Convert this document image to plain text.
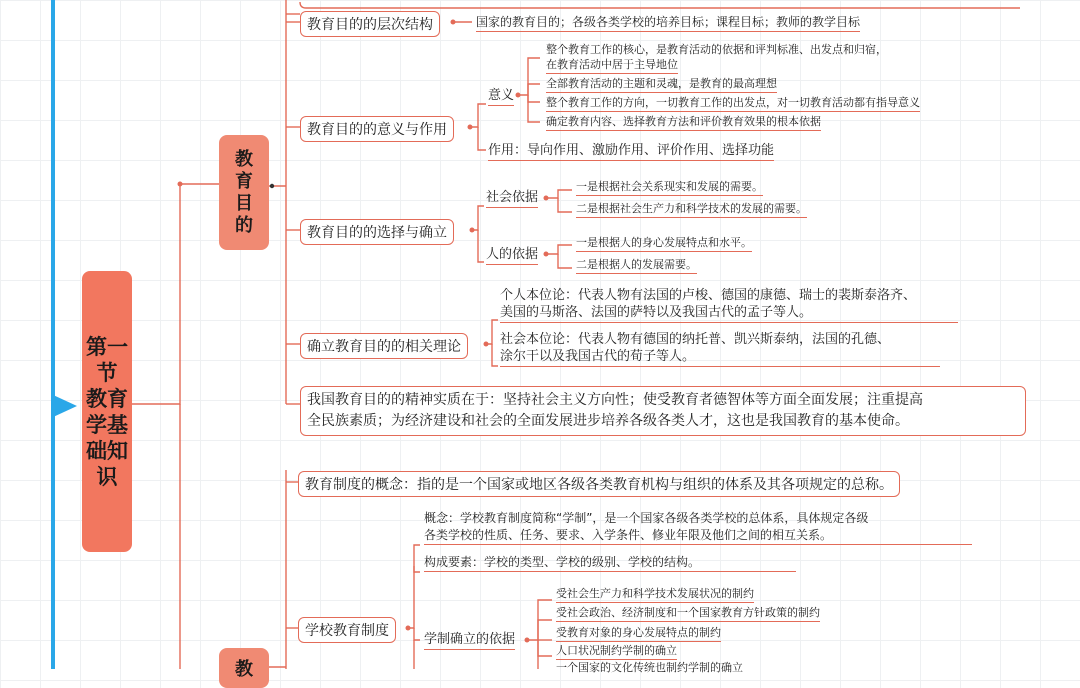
第一节 教育学基础知识
教育目的
教
教育目的的层次结构	国家的教育目的；各级各类学校的培养目标；课程目标；教师的教学目标
教育目的的意义与作用
意义
整个教育工作的核心，是教育活动的依据和评判标准、出发点和归宿，
在教育活动中居于主导地位
全部教育活动的主题和灵魂，是教育的最高理想
整个教育工作的方向，一切教育工作的出发点，对一切教育活动都有指导意义
确定教育内容、选择教育方法和评价教育效果的根本依据
作用：导向作用、激励作用、评价作用、选择功能
教育目的的选择与确立
社会依据
一是根据社会关系现实和发展的需要。
二是根据社会生产力和科学技术的发展的需要。
人的依据
一是根据人的身心发展特点和水平。
二是根据人的发展需要。
确立教育目的的相关理论
个人本位论：代表人物有法国的卢梭、德国的康德、瑞士的裴斯泰洛齐、
美国的马斯洛、法国的萨特以及我国古代的孟子等人。
社会本位论：代表人物有德国的纳托普、凯兴斯泰纳，法国的孔德、
涂尔干以及我国古代的荀子等人。
我国教育目的的精神实质在于：坚持社会主义方向性；使受教育者德智体等方面全面发展；注重提高
全民族素质；为经济建设和社会的全面发展进步培养各级各类人才，这也是我国教育的基本使命。
教育制度的概念：指的是一个国家或地区各级各类教育机构与组织的体系及其各项规定的总称。
学校教育制度
概念：学校教育制度简称“学制”，是一个国家各级各类学校的总体系，具体规定各级
各类学校的性质、任务、要求、入学条件、修业年限及他们之间的相互关系。
构成要素：学校的类型、学校的级别、学校的结构。
学制确立的依据
受社会生产力和科学技术发展状况的制约
受社会政治、经济制度和一个国家教育方针政策的制约
受教育对象的身心发展特点的制约
人口状况制约学制的确立
一个国家的文化传统也制约学制的确立
